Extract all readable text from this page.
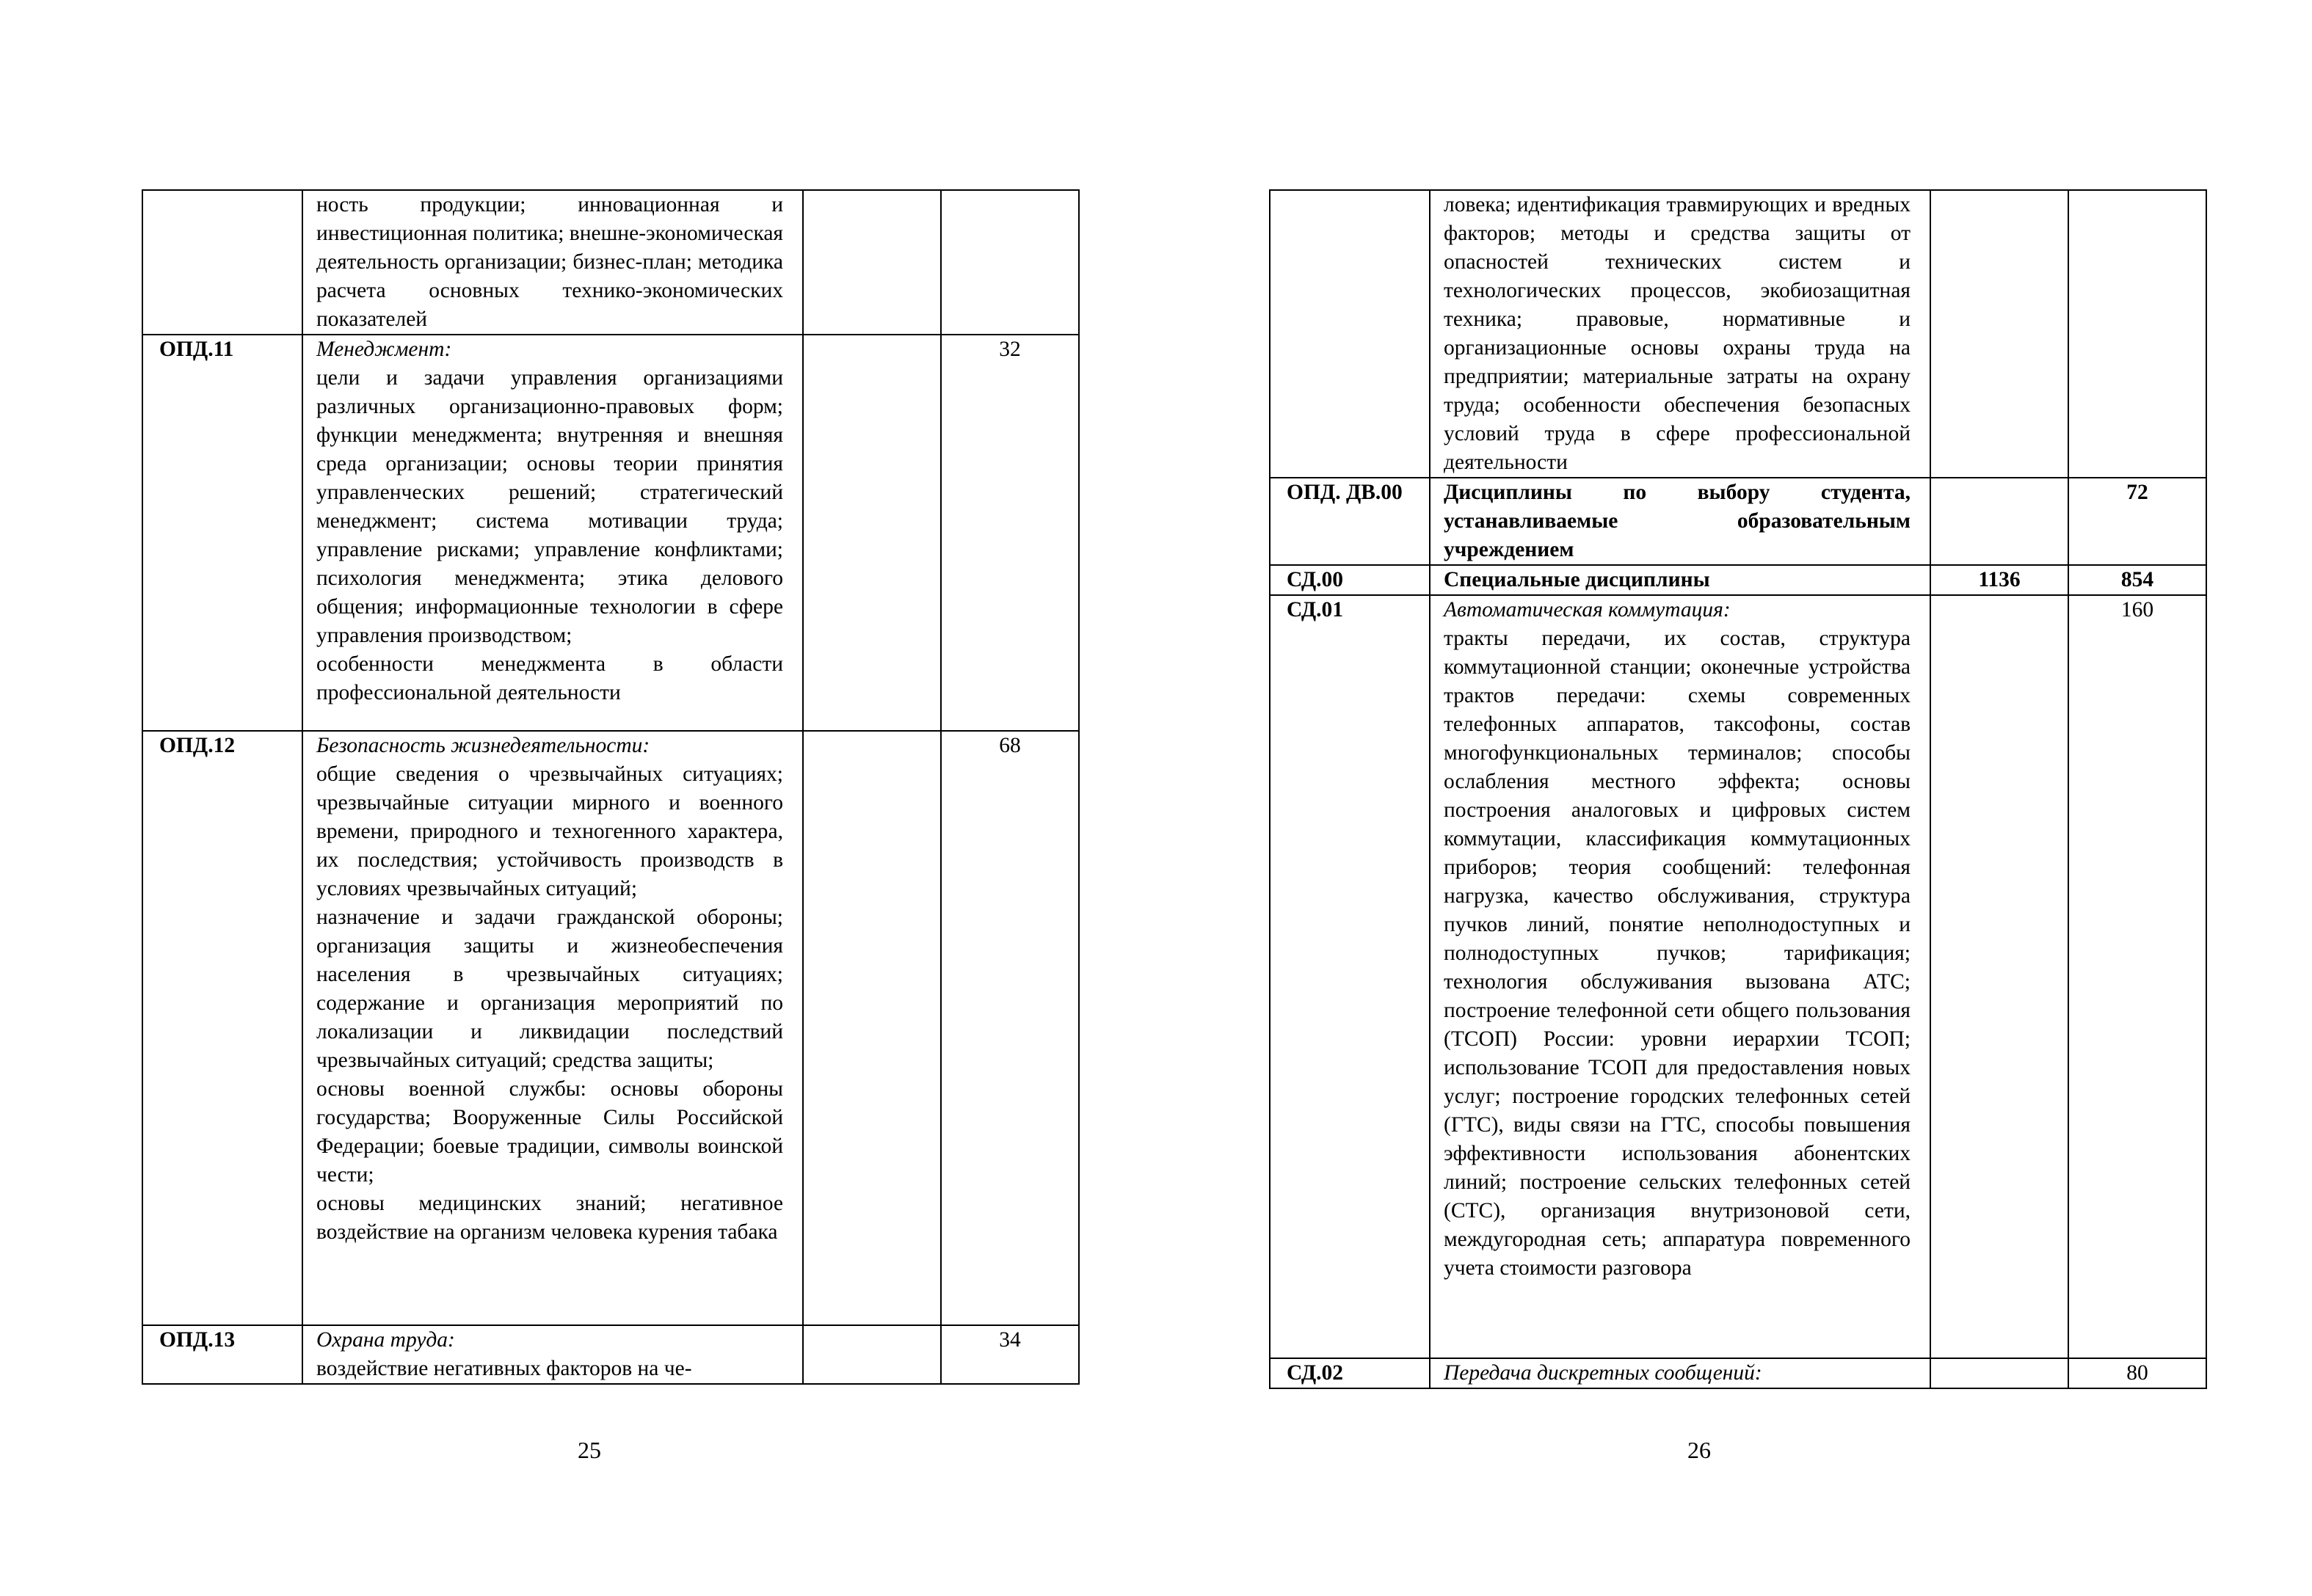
	ность продукции; инновационная и инвестиционная политика; внешне-экономическая деятельность организации; бизнес-план; методика расчета основных технико-экономических показателей		

ОПД.11	Менеджмент:
цели и задачи управления организациями различных организационно-правовых форм; функции менеджмента; внутренняя и внешняя среда организации; основы теории принятия управленческих решений; стратегический менеджмент; система мотивации труда; управление рисками; управление конфликтами; психология менеджмента; этика делового общения; информационные технологии в сфере управления производством;
особенности менеджмента в области профессиональной деятельности		32
ОПД.12	Безопасность жизнедеятельности:
общие сведения о чрезвычайных ситуациях; чрезвычайные ситуации мирного и военного времени, природного и техногенного характера, их последствия; устойчивость производств в условиях чрезвычайных ситуаций;
назначение и задачи гражданской обороны; организация защиты и жизнеобеспечения населения в чрезвычайных ситуациях; содержание и организация мероприятий по локализации и ликвидации последствий чрезвычайных ситуаций; средства защиты;
основы военной службы: основы обороны государства; Вооруженные Силы Российской Федерации; боевые традиции, символы воинской чести;
основы медицинских знаний; негативное воздействие на организм человека курения табака		68
ОПД.13	Охрана труда:
воздействие негативных факторов на че-		34
25

	ловека; идентификация травмирующих и вредных факторов; методы и средства защиты от опасностей технических систем и технологических процессов, экобиозащитная техника; правовые, нормативные и организационные основы охраны труда на предприятии; материальные затраты на охрану труда; особенности обеспечения безопасных условий труда в сфере профессиональной деятельности		

ОПД. ДВ.00	Дисциплины по выбору студента, устанавливаемые образовательным учреждением		72
СД.00	Специальные дисциплины	1136	854
СД.01	Автоматическая коммутация:
тракты передачи, их состав, структура коммутационной станции; оконечные устройства трактов передачи: схемы современных телефонных аппаратов, таксофоны, состав многофункциональных терминалов; способы ослабления местного эффекта; основы построения аналоговых и цифровых систем коммутации, классификация коммутационных приборов; теория сообщений: телефонная нагрузка, качество обслуживания, структура пучков линий, понятие неполнодоступных и полнодоступных пучков; тарификация; технология обслуживания вызована АТС; построение телефонной сети общего пользования (ТСОП) России: уровни иерархии ТСОП; использование ТСОП для предоставления новых услуг; построение городских телефонных сетей (ГТС), виды связи на ГТС, способы повышения эффективности использования абонентских линий; построение сельских телефонных сетей (СТС), организация внутризоновой сети, междугородная сеть; аппаратура повременного учета стоимости разговора		160
СД.02	Передача дискретных сообщений:		80
26
